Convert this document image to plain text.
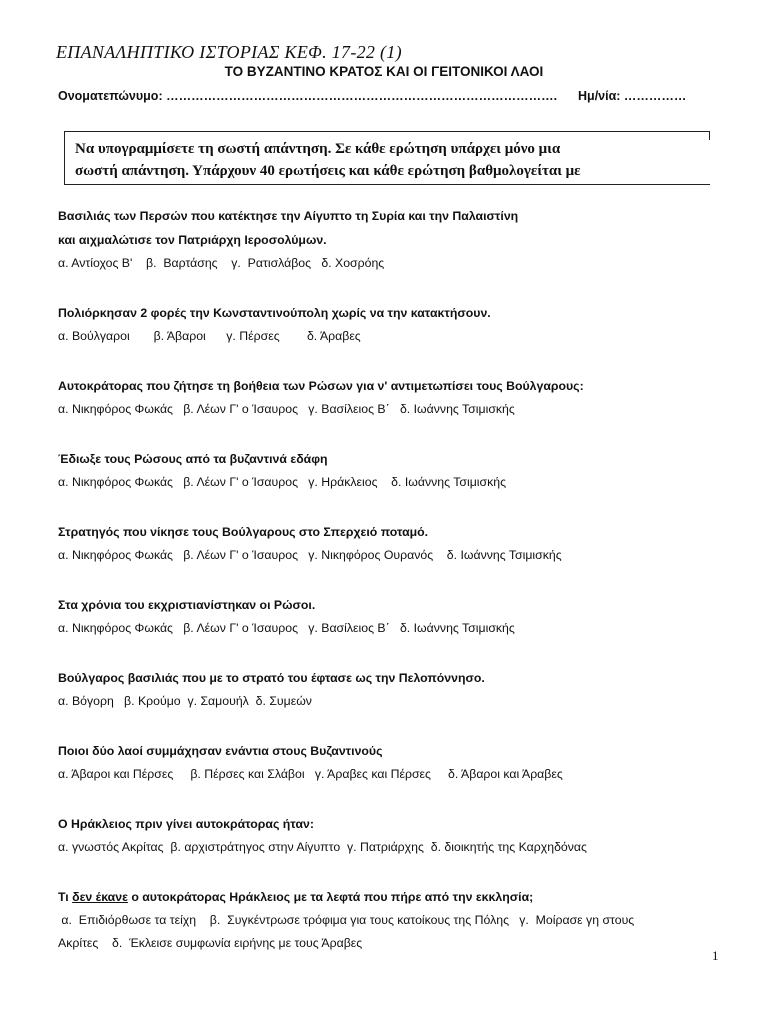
ΕΠΑΝΑΛΗΠΤΙΚΟ ΙΣΤΟΡΙΑΣ ΚΕΦ. 17-22 (1)
ΤΟ ΒΥΖΑΝΤΙΝΟ ΚΡΑΤΟΣ ΚΑΙ ΟΙ ΓΕΙΤΟΝΙΚΟΙ ΛΑΟΙ
Ονοματεπώνυμο: …………………………………………………………………………………. Ημ/νία: ……………
Να υπογραμμίσετε τη σωστή απάντηση. Σε κάθε ερώτηση υπάρχει μόνο μια
σωστή απάντηση. Υπάρχουν 40 ερωτήσεις και κάθε ερώτηση βαθμολογείται με
Βασιλιάς των Περσών που κατέκτησε την Αίγυπτο τη Συρία και την Παλαιστίνη
και αιχμαλώτισε τον Πατριάρχη Ιεροσολύμων.
α. Αντίοχος Β'    β.  Βαρτάσης    γ.  Ρατισλάβος   δ. Χοσρόης
Πολιόρκησαν 2 φορές την Κωνσταντινούπολη χωρίς να την κατακτήσουν.
α. Βούλγαροι       β. Άβαροι      γ. Πέρσες        δ. Άραβες
Αυτοκράτορας που ζήτησε τη βοήθεια των Ρώσων για ν' αντιμετωπίσει τους Βούλγαρους:
α. Νικηφόρος Φωκάς   β. Λέων Γ' ο Ίσαυρος   γ. Βασίλειος Β΄   δ. Ιωάννης Τσιμισκής
Έδιωξε τους Ρώσους από τα βυζαντινά εδάφη
α. Νικηφόρος Φωκάς   β. Λέων Γ' ο Ίσαυρος   γ. Ηράκλειος    δ. Ιωάννης Τσιμισκής
Στρατηγός που νίκησε τους Βούλγαρους στο Σπερχειό ποταμό.
α. Νικηφόρος Φωκάς   β. Λέων Γ' ο Ίσαυρος   γ. Νικηφόρος Ουρανός    δ. Ιωάννης Τσιμισκής
Στα χρόνια του εκχριστιανίστηκαν οι Ρώσοι.
α. Νικηφόρος Φωκάς   β. Λέων Γ' ο Ίσαυρος   γ. Βασίλειος Β΄   δ. Ιωάννης Τσιμισκής
Βούλγαρος βασιλιάς που με το στρατό του έφτασε ως την Πελοπόννησο.
α. Βόγορη   β. Κρούμο  γ. Σαμουήλ  δ. Συμεών
Ποιοι δύο λαοί συμμάχησαν ενάντια στους Βυζαντινούς
α. Άβαροι και Πέρσες     β. Πέρσες και Σλάβοι   γ. Άραβες και Πέρσες     δ. Άβαροι και Άραβες
Ο Ηράκλειος πριν γίνει αυτοκράτορας ήταν:
α. γνωστός Ακρίτας  β. αρχιστράτηγος στην Αίγυπτο  γ. Πατριάρχης  δ. διοικητής της Καρχηδόνας
Τι δεν έκανε ο αυτοκράτορας Ηράκλειος με τα λεφτά που πήρε από την εκκλησία;
α.  Επιδιόρθωσε τα τείχη    β.  Συγκέντρωσε τρόφιμα για τους κατοίκους της Πόλης   γ.  Μοίρασε γη στους
Ακρίτες    δ.  Έκλεισε συμφωνία ειρήνης με τους Άραβες
1
